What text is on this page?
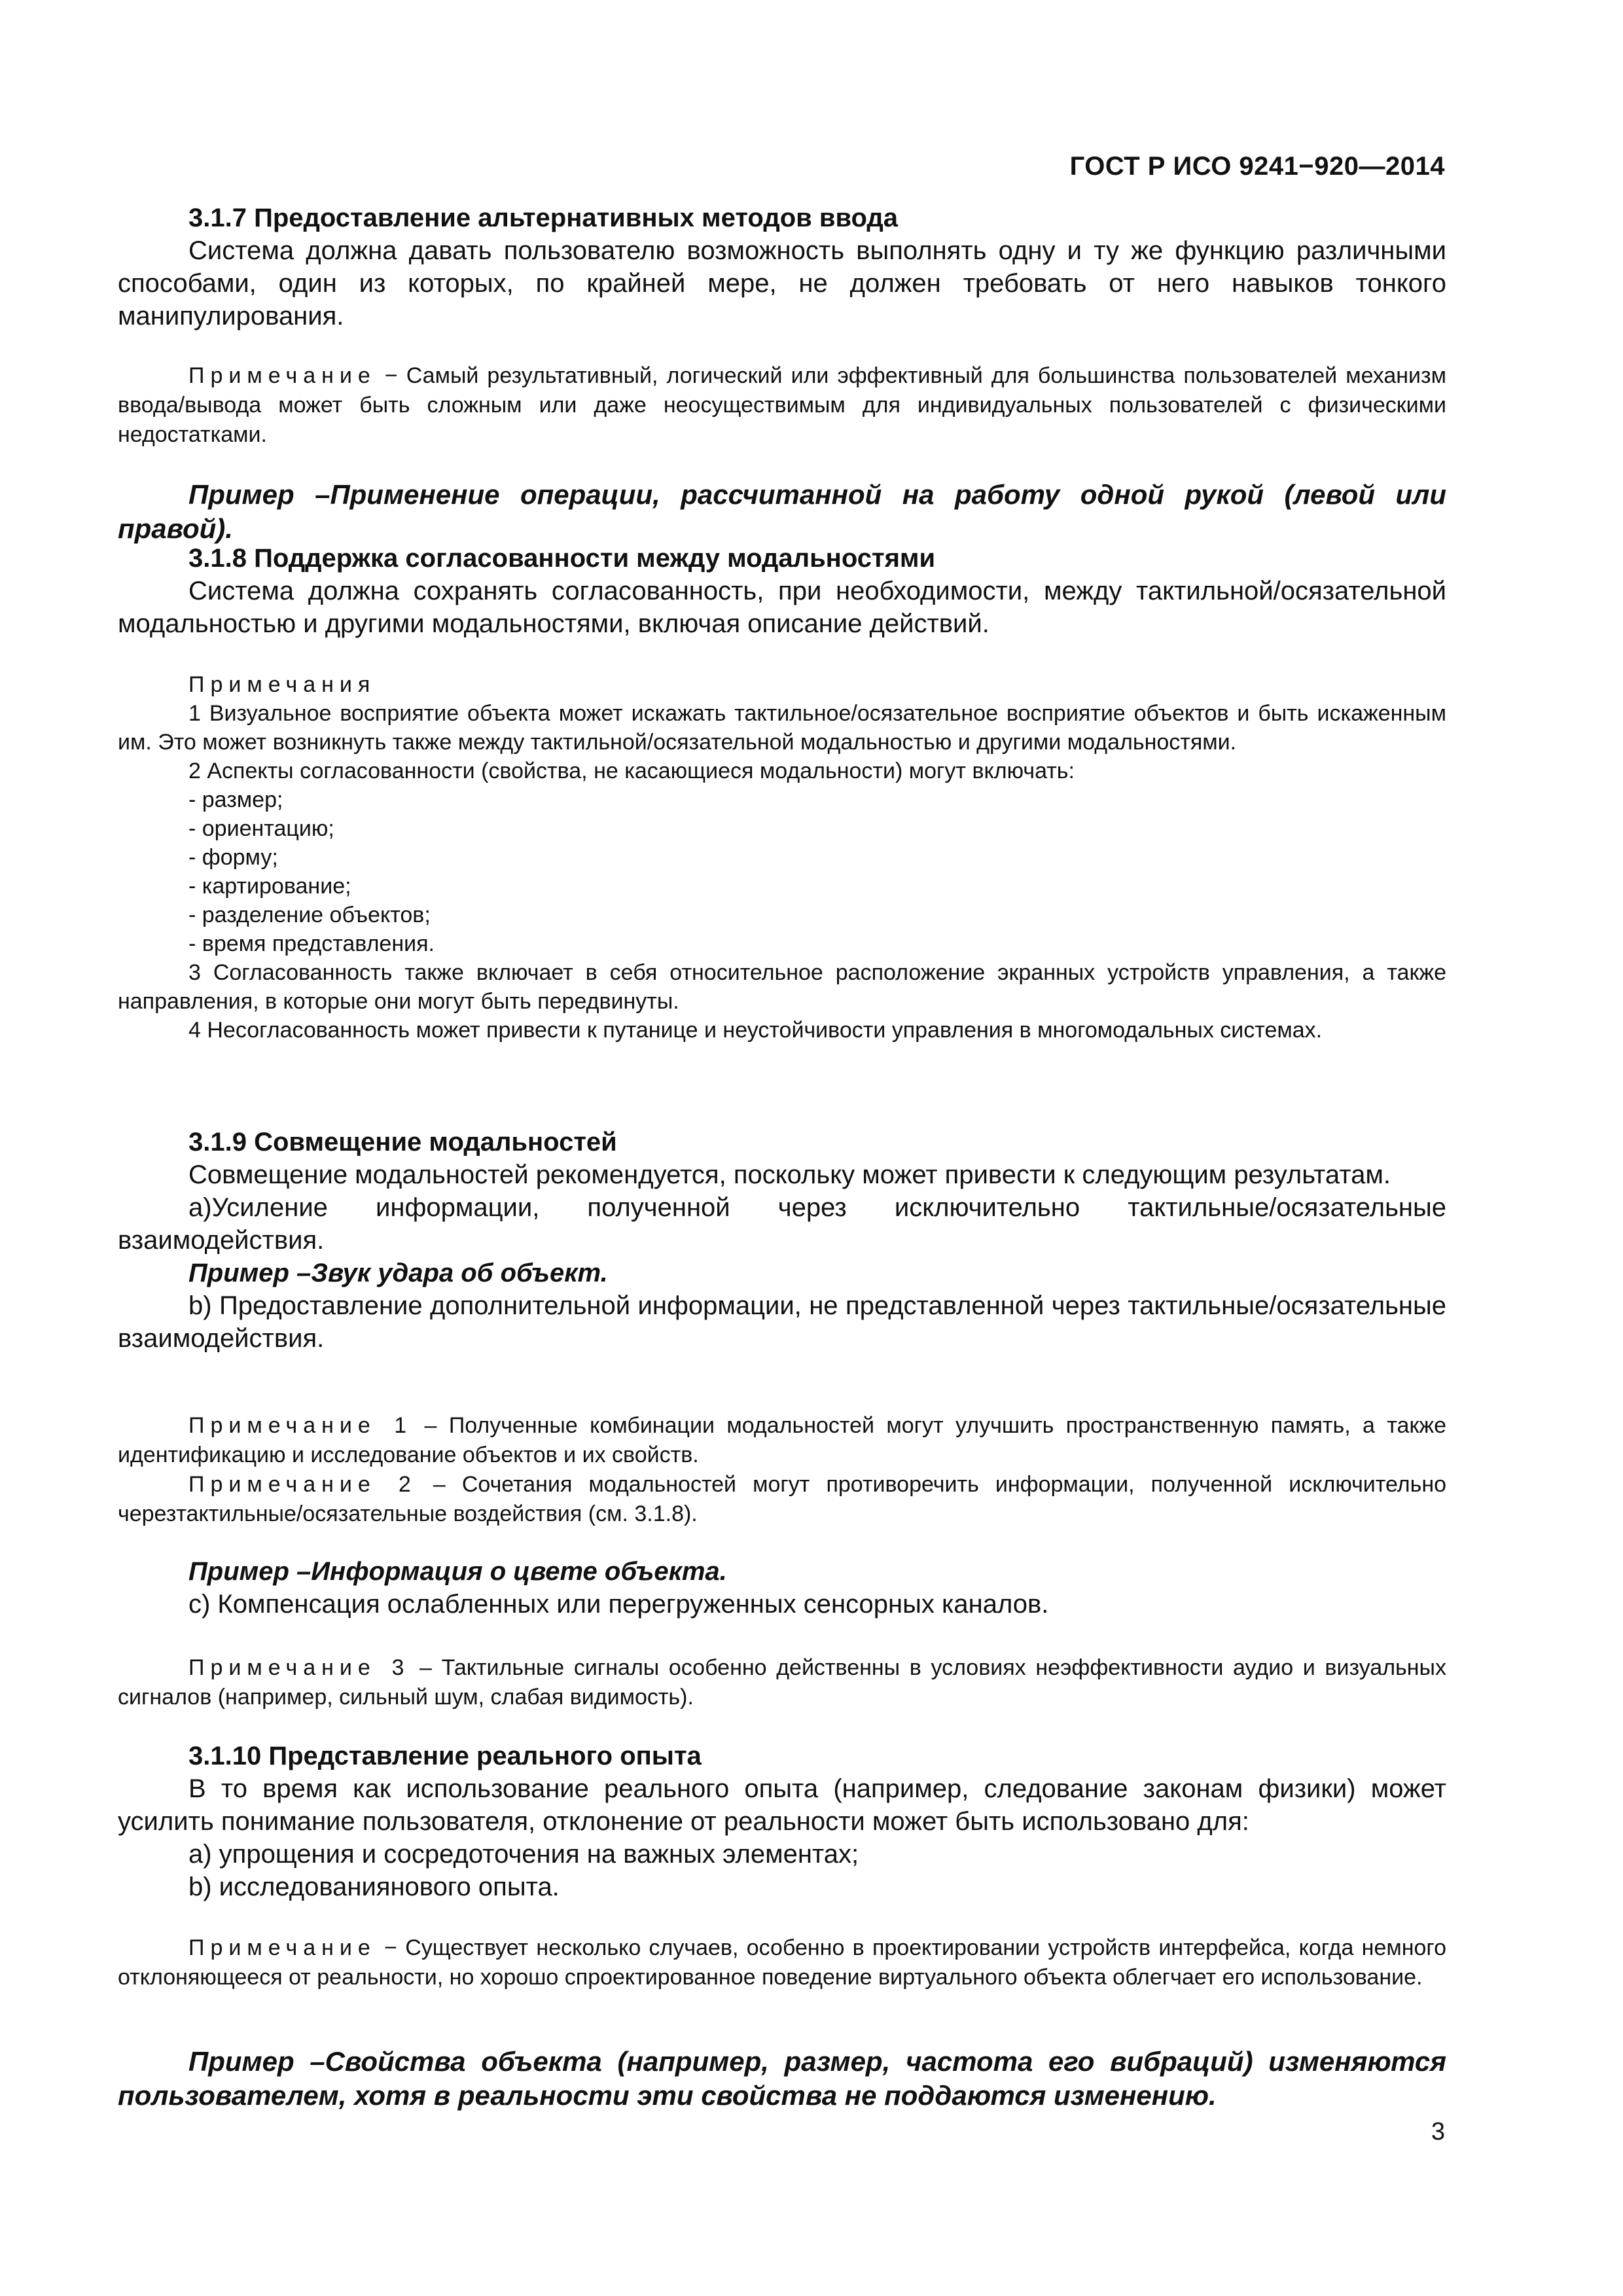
ГОСТ Р ИСО 9241−920—2014

3.1.7 Предоставление альтернативных методов ввода

Система должна давать пользователю возможность выполнять одну и ту же функцию различными способами, один из которых, по крайней мере, не должен требовать от него навыков тонкого манипулирования.

Примечание − Самый результативный, логический или эффективный для большинства пользователей механизм ввода/вывода может быть сложным или даже неосуществимым для индивидуальных пользователей с физическими недостатками.

Пример –Применение операции, рассчитанной на работу одной рукой (левой или правой).

3.1.8 Поддержка согласованности между модальностями

Система должна сохранять согласованность, при необходимости, между тактильной/осязательной модальностью и другими модальностями, включая описание действий.

Примечания

1 Визуальное восприятие объекта может искажать тактильное/осязательное восприятие объектов и быть искаженным им. Это может возникнуть также между тактильной/осязательной модальностью и другими модальностями.

2 Аспекты согласованности (свойства, не касающиеся модальности) могут включать:

- размер;

- ориентацию;

- форму;

- картирование;

- разделение объектов;

- время представления.

3 Согласованность также включает в себя относительное расположение экранных устройств управления, а также направления, в которые они могут быть передвинуты.

4 Несогласованность может привести к путанице и неустойчивости управления в многомодальных системах.

3.1.9 Совмещение модальностей

Совмещение модальностей рекомендуется, поскольку может привести к следующим результатам.

а)Усиление информации, полученной через исключительно тактильные/осязательные взаимодействия.

Пример –Звук удара об объект.

b) Предоставление дополнительной информации, не представленной через тактильные/осязательные взаимодействия.

Примечание 1 – Полученные комбинации модальностей могут улучшить пространственную память, а также идентификацию и исследование объектов и их свойств.

Примечание 2 – Сочетания модальностей могут противоречить информации, полученной исключительно черезтактильные/осязательные воздействия (см. 3.1.8).

Пример –Информация о цвете объекта.

c) Компенсация ослабленных или перегруженных сенсорных каналов.

Примечание 3 – Тактильные сигналы особенно действенны в условиях неэффективности аудио и визуальных сигналов (например, сильный шум, слабая видимость).

3.1.10 Представление реального опыта

В то время как использование реального опыта (например, следование законам физики) может усилить понимание пользователя, отклонение от реальности может быть использовано для:

а) упрощения и сосредоточения на важных элементах;

b) исследованиянового опыта.

Примечание − Существует несколько случаев, особенно в проектировании устройств интерфейса, когда немного отклоняющееся от реальности, но хорошо спроектированное поведение виртуального объекта облегчает его использование.

Пример –Свойства объекта (например, размер, частота его вибраций) изменяются пользователем, хотя в реальности эти свойства не поддаются изменению.

3
